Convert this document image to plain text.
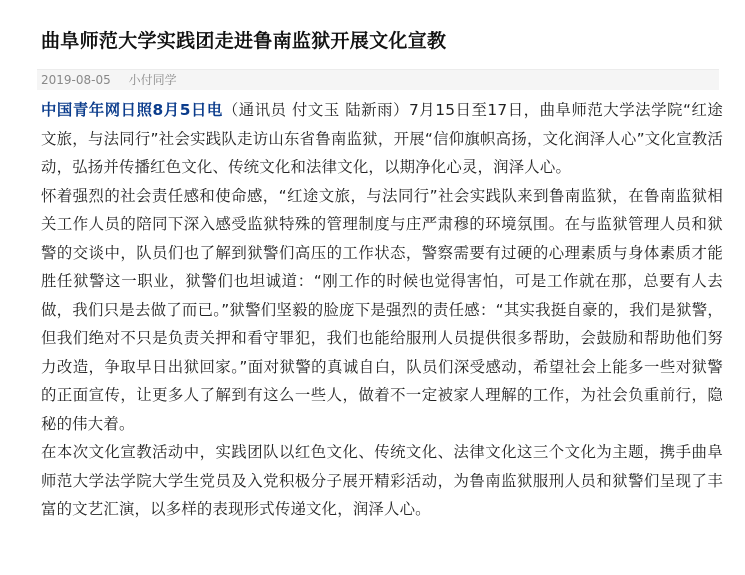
曲阜师范大学实践团走进鲁南监狱开展文化宣教
2019-08-05 小付同学

中国青年网日照8月5日电（通讯员 付文玉 陆新雨）7月15日至17日，曲阜师范大学法学院“红途文旅，与法同行”社会实践队走访山东省鲁南监狱，开展“信仰旗帜高扬，文化润泽人心”文化宣教活动，弘扬并传播红色文化、传统文化和法律文化，以期净化心灵，润泽人心。

怀着强烈的社会责任感和使命感，“红途文旅，与法同行”社会实践队来到鲁南监狱，在鲁南监狱相关工作人员的陪同下深入感受监狱特殊的管理制度与庄严肃穆的环境氛围。在与监狱管理人员和狱警的交谈中，队员们也了解到狱警们高压的工作状态，警察需要有过硬的心理素质与身体素质才能胜任狱警这一职业，狱警们也坦诚道：“刚工作的时候也觉得害怕，可是工作就在那，总要有人去做，我们只是去做了而已。”狱警们坚毅的脸庞下是强烈的责任感：“其实我挺自豪的，我们是狱警，但我们绝对不只是负责关押和看守罪犯，我们也能给服刑人员提供很多帮助，会鼓励和帮助他们努力改造，争取早日出狱回家。”面对狱警的真诚自白，队员们深受感动，希望社会上能多一些对狱警的正面宣传，让更多人了解到有这么一些人，做着不一定被家人理解的工作，为社会负重前行，隐秘的伟大着。

在本次文化宣教活动中，实践团队以红色文化、传统文化、法律文化这三个文化为主题，携手曲阜师范大学法学院大学生党员及入党积极分子展开精彩活动，为鲁南监狱服刑人员和狱警们呈现了丰富的文艺汇演，以多样的表现形式传递文化，润泽人心。
